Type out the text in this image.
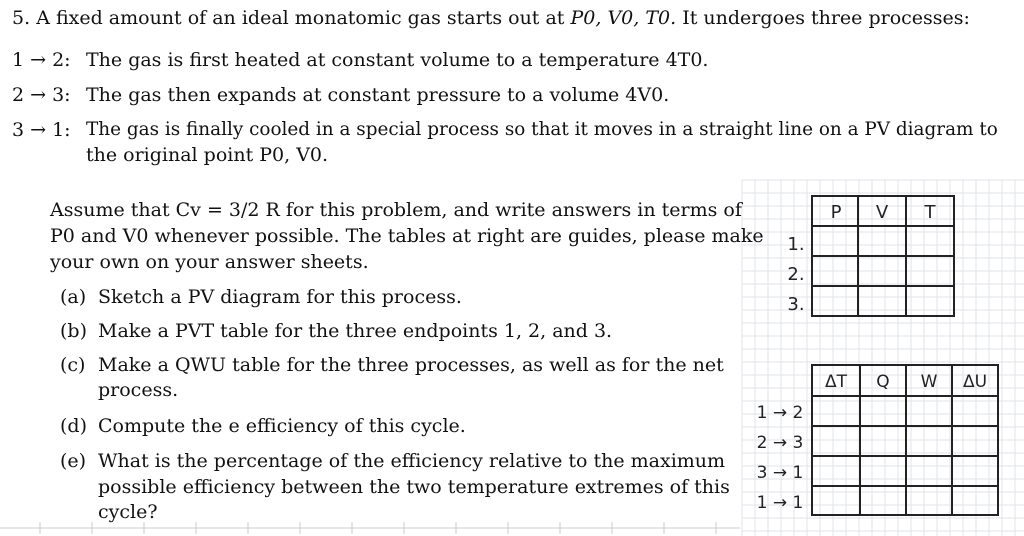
P V T
1.
2.
3.
ΔT Q W ΔU
1 → 2
2 → 3
3 → 1
1 → 1
5. A fixed amount of an ideal monatomic gas starts out at P0, V0, T0. It undergoes three processes:
1 → 2: The gas is first heated at constant volume to a temperature 4T0.
2 → 3: The gas then expands at constant pressure to a volume 4V0.
3 → 1: The gas is finally cooled in a special process so that it moves in a straight line on a PV diagram to
the original point P0, V0.
Assume that Cv = 3/2 R for this problem, and write answers in terms of
P0 and V0 whenever possible. The tables at right are guides, please make
your own on your answer sheets.
(a) Sketch a PV diagram for this process.
(b) Make a PVT table for the three endpoints 1, 2, and 3.
(c) Make a QWU table for the three processes, as well as for the net
process.
(d) Compute the e efficiency of this cycle.
(e) What is the percentage of the efficiency relative to the maximum
possible efficiency between the two temperature extremes of this
cycle?
